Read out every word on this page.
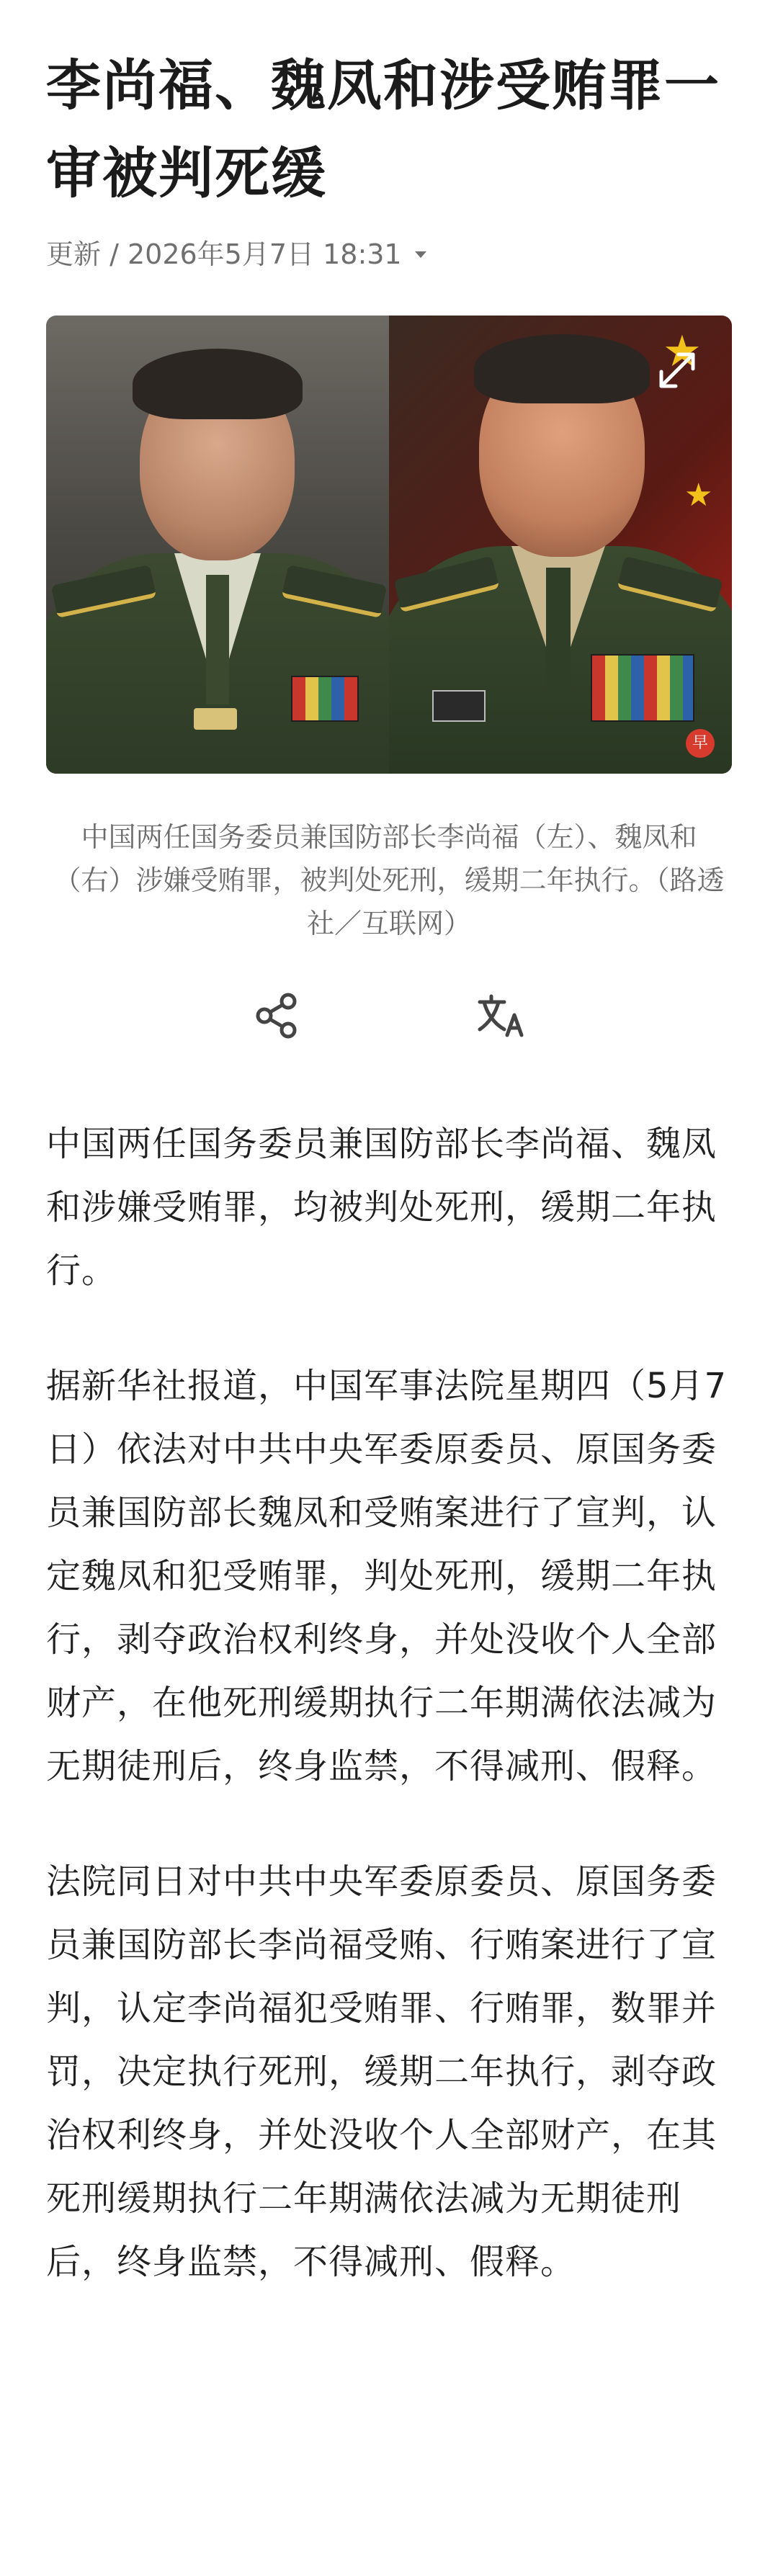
李尚福、魏凤和涉受贿罪一审被判死缓
更新 / 2026年5月7日 18:31
★
★
早
中国两任国务委员兼国防部长李尚福（左）、魏凤和（右）涉嫌受贿罪，被判处死刑，缓期二年执行。（路透社／互联网）

中国两任国务委员兼国防部长李尚福、魏凤和涉嫌受贿罪，均被判处死刑，缓期二年执行。

据新华社报道，中国军事法院星期四（5月7日）依法对中共中央军委原委员、原国务委员兼国防部长魏凤和受贿案进行了宣判，认定魏凤和犯受贿罪，判处死刑，缓期二年执行，剥夺政治权利终身，并处没收个人全部财产，在他死刑缓期执行二年期满依法减为无期徒刑后，终身监禁，不得减刑、假释。

法院同日对中共中央军委原委员、原国务委员兼国防部长李尚福受贿、行贿案进行了宣判，认定李尚福犯受贿罪、行贿罪，数罪并罚，决定执行死刑，缓期二年执行，剥夺政治权利终身，并处没收个人全部财产，在其死刑缓期执行二年期满依法减为无期徒刑后，终身监禁，不得减刑、假释。
